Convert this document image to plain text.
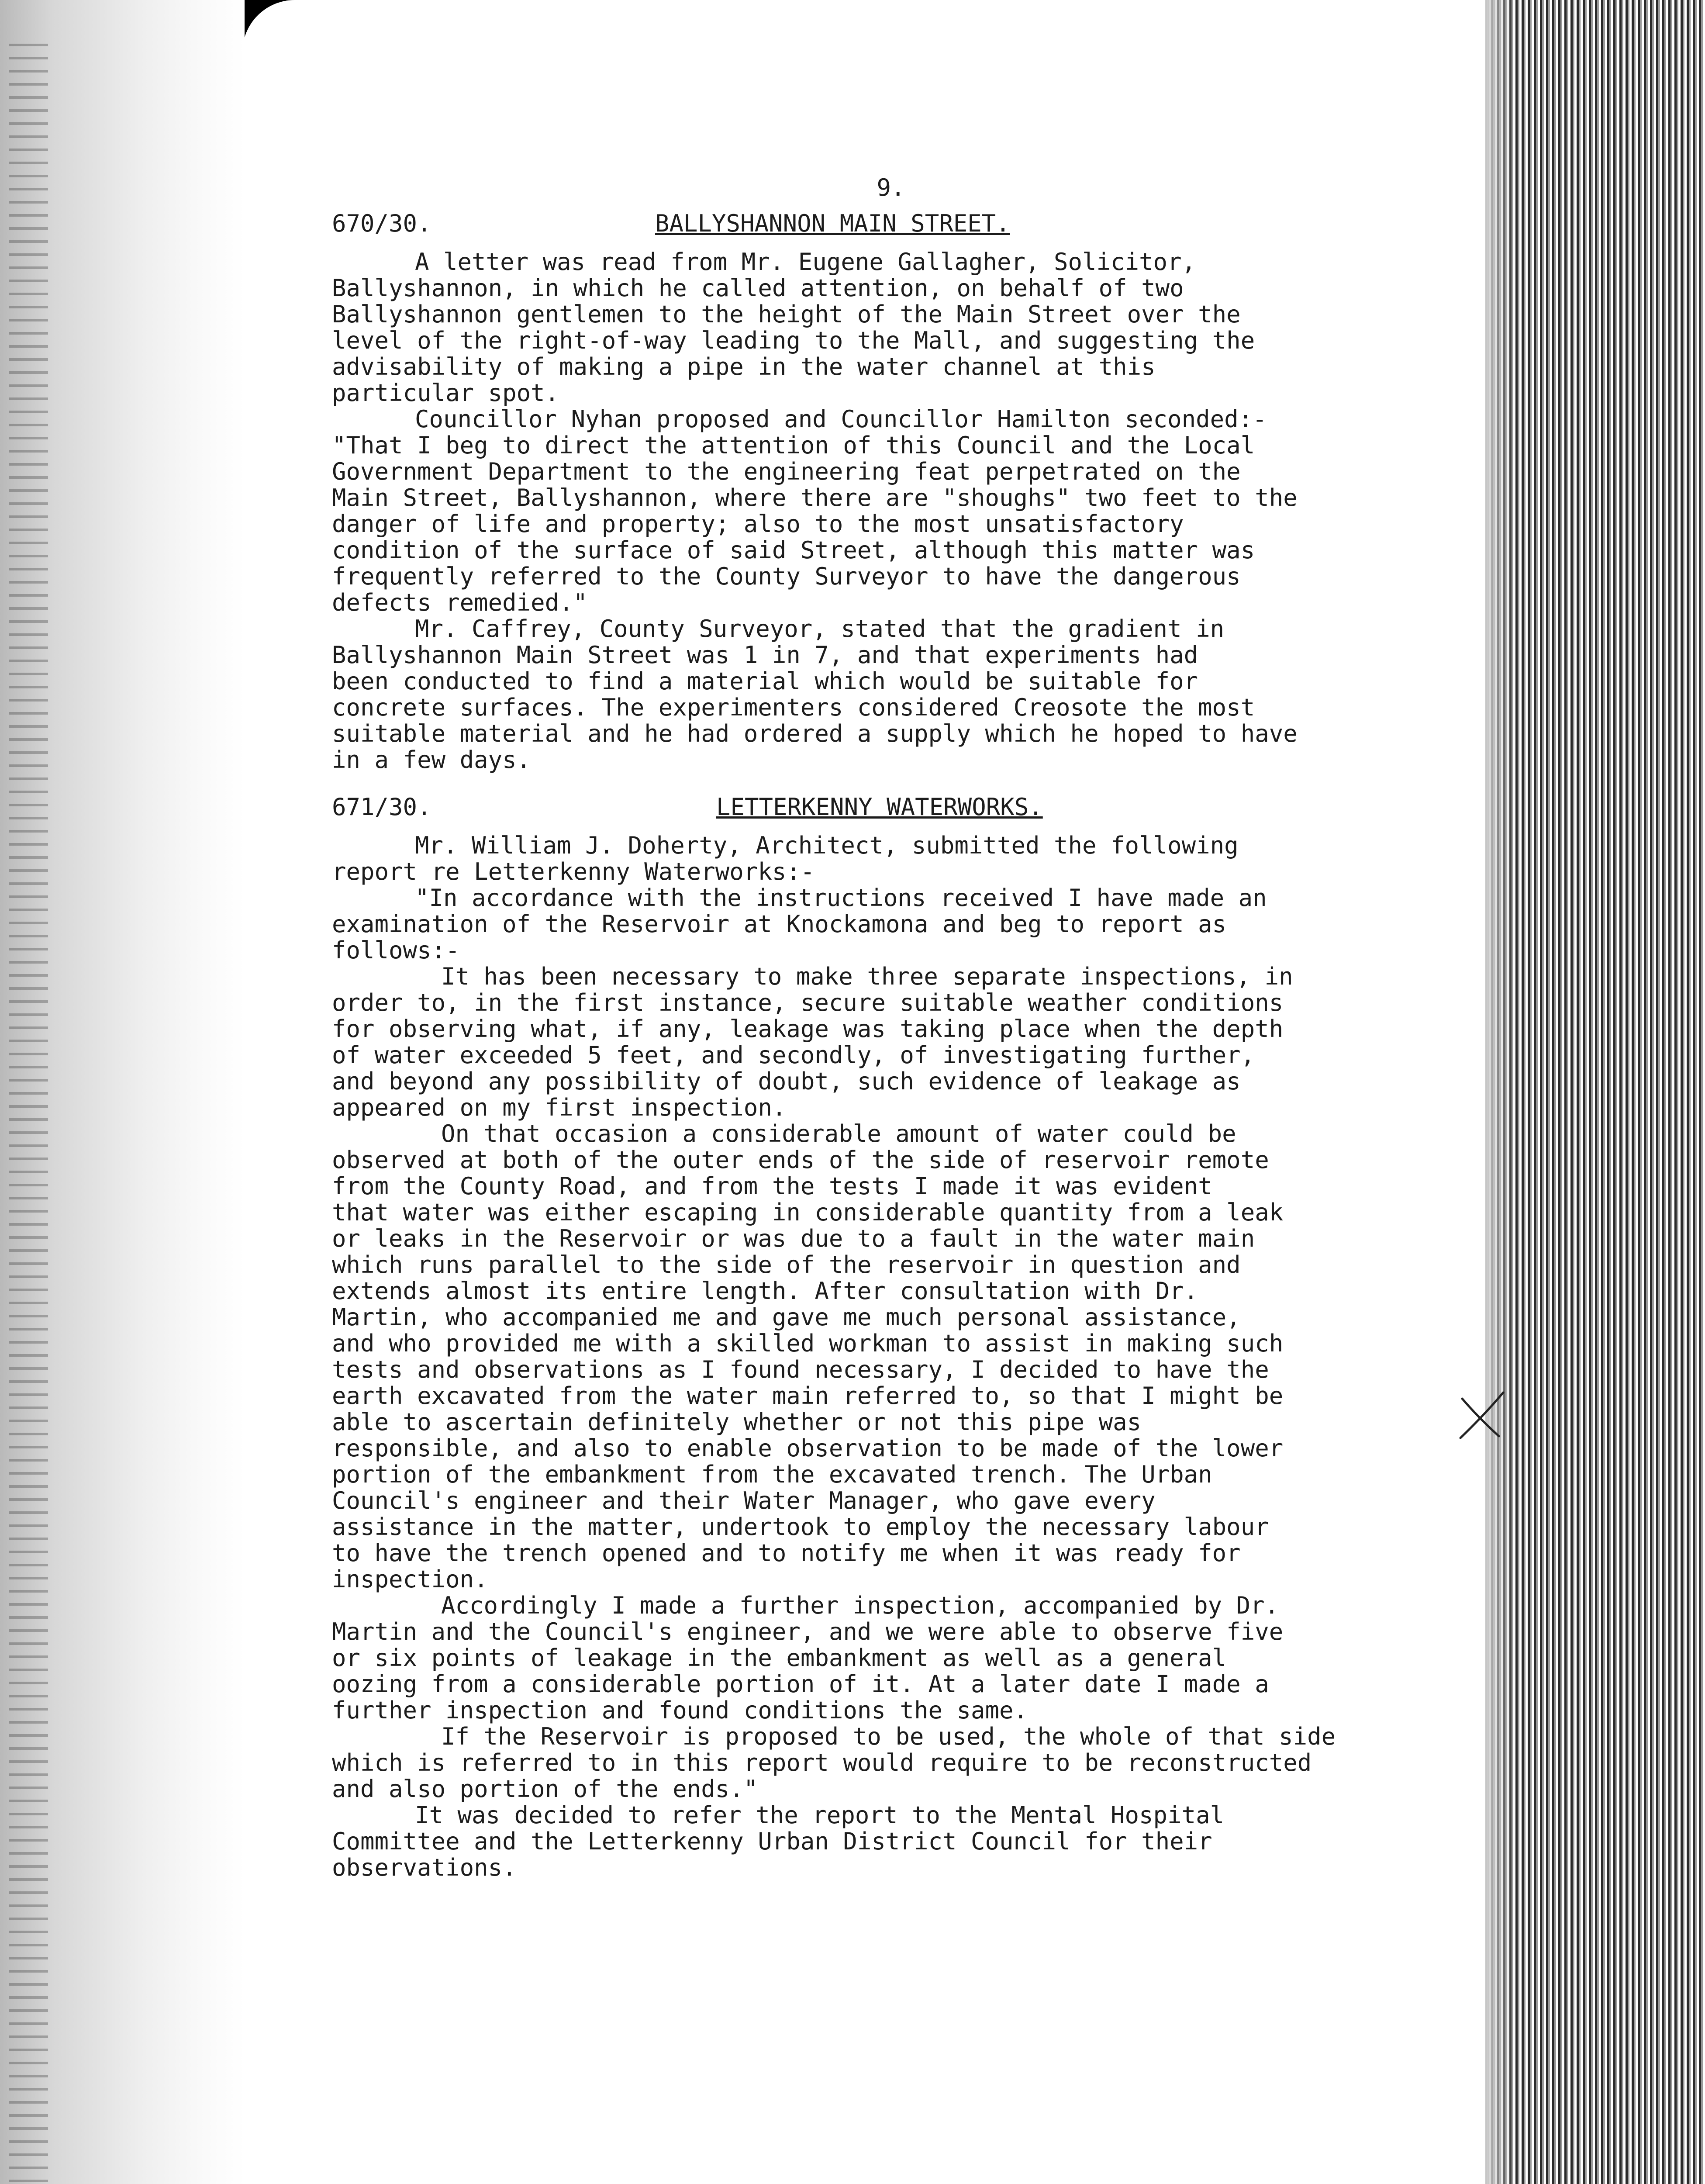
9.
670/30.	BALLYSHANNON MAIN STREET.

A letter was read from Mr. Eugene Gallagher, Solicitor,
Ballyshannon, in which he called attention, on behalf of two
Ballyshannon gentlemen to the height of the Main Street over the
level of the right-of-way leading to the Mall, and suggesting the
advisability of making a pipe in the water channel at this
particular spot.

Councillor Nyhan proposed and Councillor Hamilton seconded:-
"That I beg to direct the attention of this Council and the Local
Government Department to the engineering feat perpetrated on the
Main Street, Ballyshannon, where there are "shoughs" two feet to the
danger of life and property; also to the most unsatisfactory
condition of the surface of said Street, although this matter was
frequently referred to the County Surveyor to have the dangerous
defects remedied."

Mr. Caffrey, County Surveyor, stated that the gradient in
Ballyshannon Main Street was 1 in 7, and that experiments had
been conducted to find a material which would be suitable for
concrete surfaces. The experimenters considered Creosote the most
suitable material and he had ordered a supply which he hoped to have
in a few days.

671/30.	LETTERKENNY WATERWORKS.

Mr. William J. Doherty, Architect, submitted the following
report re Letterkenny Waterworks:-

"In accordance with the instructions received I have made an
examination of the Reservoir at Knockamona and beg to report as
follows:-

It has been necessary to make three separate inspections, in
order to, in the first instance, secure suitable weather conditions
for observing what, if any, leakage was taking place when the depth
of water exceeded 5 feet, and secondly, of investigating further,
and beyond any possibility of doubt, such evidence of leakage as
appeared on my first inspection.

On that occasion a considerable amount of water could be
observed at both of the outer ends of the side of reservoir remote
from the County Road, and from the tests I made it was evident
that water was either escaping in considerable quantity from a leak
or leaks in the Reservoir or was due to a fault in the water main
which runs parallel to the side of the reservoir in question and
extends almost its entire length. After consultation with Dr.
Martin, who accompanied me and gave me much personal assistance,
and who provided me with a skilled workman to assist in making such
tests and observations as I found necessary, I decided to have the
earth excavated from the water main referred to, so that I might be
able to ascertain definitely whether or not this pipe was
responsible, and also to enable observation to be made of the lower
portion of the embankment from the excavated trench. The Urban
Council's engineer and their Water Manager, who gave every
assistance in the matter, undertook to employ the necessary labour
to have the trench opened and to notify me when it was ready for
inspection.

Accordingly I made a further inspection, accompanied by Dr.
Martin and the Council's engineer, and we were able to observe five
or six points of leakage in the embankment as well as a general
oozing from a considerable portion of it. At a later date I made a
further inspection and found conditions the same.

If the Reservoir is proposed to be used, the whole of that side
which is referred to in this report would require to be reconstructed
and also portion of the ends."

It was decided to refer the report to the Mental Hospital
Committee and the Letterkenny Urban District Council for their
observations.
